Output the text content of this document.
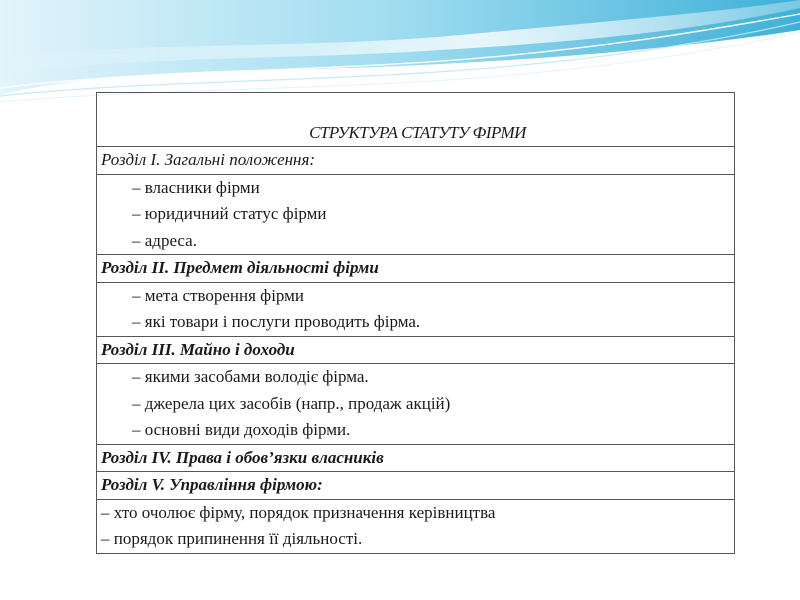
СТРУКТУРА СТАТУТУ ФІРМИ
Розділ I. Загальні положення:

– власники фірми
– юридичний статус фірми
– адреса.

Розділ II. Предмет діяльності фірми

– мета створення фірми
– які товари і послуги проводить фірма.

Розділ III. Майно і доходи

– якими засобами володіє фірма.
– джерела цих засобів (напр., продаж акцій)
– основні види доходів фірми.

Розділ IV. Права і обов’язки власників
Розділ V. Управління фірмою:

– хто очолює фірму, порядок призначення керівництва
– порядок припинення її діяльності.
